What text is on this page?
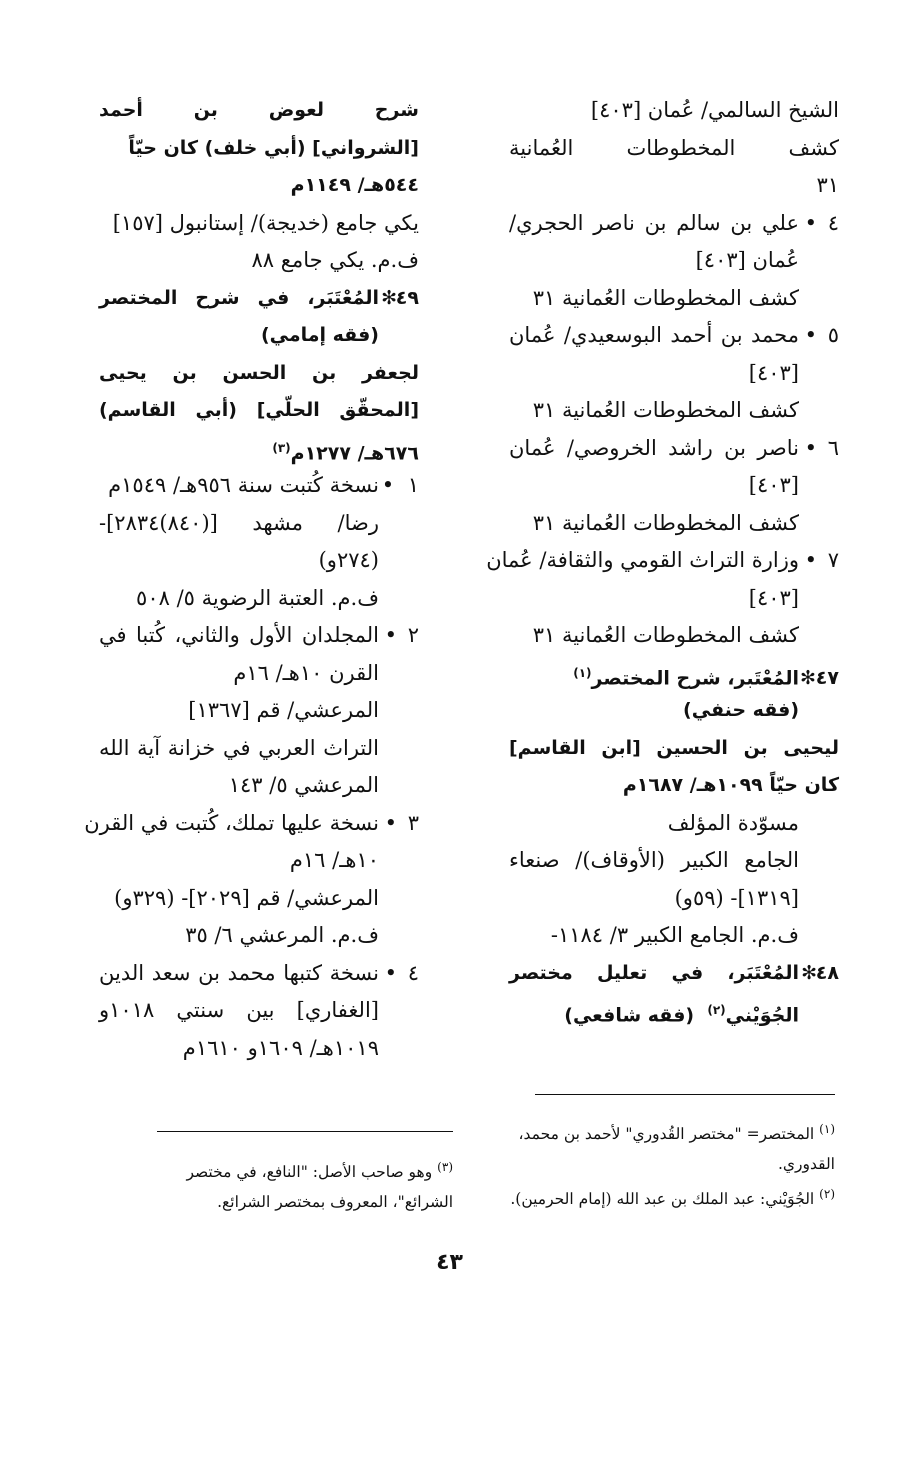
الشيخ السالمي/ عُمان [٤٠٣]
كشف المخطوطات العُمانية
٣١
٤•علي بن سالم بن ناصر الحجري/
عُمان [٤٠٣]
كشف المخطوطات العُمانية ٣١
٥•محمد بن أحمد البوسعيدي/ عُمان
[٤٠٣]
كشف المخطوطات العُمانية ٣١
٦•ناصر بن راشد الخروصي/ عُمان
[٤٠٣]
كشف المخطوطات العُمانية ٣١
٧•وزارة التراث القومي والثقافة/ عُمان
[٤٠٣]
كشف المخطوطات العُمانية ٣١
٤٧✻المُعْتَبر، شرح المختصر$^{(١)}$
(فقه حنفي)
ليحيى بن الحسين [ابن القاسم]
كان حيّاً ١٠٩٩هـ/ ١٦٨٧م
مسوّدة المؤلف
الجامع الكبير (الأوقاف)/ صنعاء
[١٣١٩]- (٥٩و)
ف.م. الجامع الكبير ٣/ ١١٨٤-
٤٨✻المُعْتَبَر، في تعليل مختصر
الجُوَيْني$^{(٢)}$  (فقه شافعي)
شرح لعوض بن أحمد
[الشرواني] (أبي خلف) كان حيّاً
٥٤٤هـ/ ١١٤٩م
يكي جامع (خديجة)/ إستانبول [١٥٧]
ف.م. يكي جامع ٨٨
٤٩✻المُعْتَبَر، في شرح المختصر
(فقه إمامي)
لجعفر بن الحسن بن يحيى
[المحقّق الحلّي] (أبي القاسم)
٦٧٦هـ/ ١٢٧٧م$^{(٣)}$
١•نسخة كُتبت سنة ٩٥٦هـ/ ١٥٤٩م
رضا/ مشهد [(٨٤٠)٢٨٣٤]-
(٢٧٤و)
ف.م. العتبة الرضوية ٥/ ٥٠٨
٢•المجلدان الأول والثاني، كُتبا في
القرن ١٠هـ/ ١٦م
المرعشي/ قم [١٣٦٧]
التراث العربي في خزانة آية الله
المرعشي ٥/ ١٤٣
٣•نسخة عليها تملك، كُتبت في القرن
١٠هـ/ ١٦م
المرعشي/ قم [٢٠٢٩]- (٣٢٩و)
ف.م. المرعشي ٦/ ٣٥
٤•نسخة كتبها محمد بن سعد الدين
[الغفاري] بين سنتي ١٠١٨و
١٠١٩هـ/ ١٦٠٩و ١٦١٠م
$^{(١)}$ المختصر= "مختصر القُدوري" لأحمد بن محمد،
القدوري.
$^{(٢)}$ الجُوَيْني: عبد الملك بن عبد الله (إمام الحرمين).
$^{(٣)}$ وهو صاحب الأصل: "النافع، في مختصر
الشرائع"، المعروف بمختصر الشرائع.
٤٣
